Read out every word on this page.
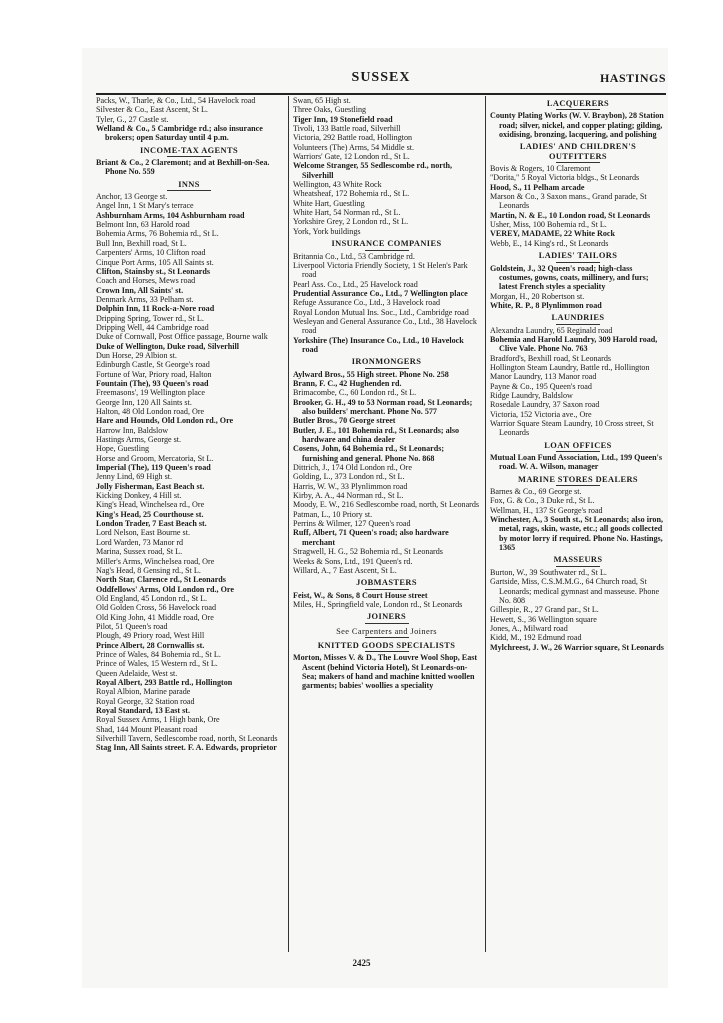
SUSSEX	HASTINGS

Packs, W., Tharle, & Co., Ltd., 54 Havelock road

Silvester & Co., East Ascent, St L.

Tyler, G., 27 Castle st.

Welland & Co., 5 Cambridge rd.; also insurance brokers; open Saturday until 4 p.m.

INCOME-TAX AGENTS

Briant & Co., 2 Claremont; and at Bexhill-on-Sea. Phone No. 559

INNS

Anchor, 13 George st.

Angel Inn, 1 St Mary's terrace

Ashburnham Arms, 104 Ashburnham road

Belmont Inn, 63 Harold road

Bohemia Arms, 76 Bohemia rd., St L.

Bull Inn, Bexhill road, St L.

Carpenters' Arms, 10 Clifton road

Cinque Port Arms, 105 All Saints st.

Clifton, Stainsby st., St Leonards

Coach and Horses, Mews road

Crown Inn, All Saints' st.

Denmark Arms, 33 Pelham st.

Dolphin Inn, 11 Rock-a-Nore road

Dripping Spring, Tower rd., St L.

Dripping Well, 44 Cambridge road

Duke of Cornwall, Post Office passage, Bourne walk

Duke of Wellington, Duke road, Silverhill

Dun Horse, 29 Albion st.

Edinburgh Castle, St George's road

Fortune of War, Priory road, Halton

Fountain (The), 93 Queen's road

Freemasons', 19 Wellington place

George Inn, 120 All Saints st.

Halton, 48 Old London road, Ore

Hare and Hounds, Old London rd., Ore

Harrow Inn, Baldslow

Hastings Arms, George st.

Hope, Guestling

Horse and Groom, Mercatoria, St L.

Imperial (The), 119 Queen's road

Jenny Lind, 69 High st.

Jolly Fisherman, East Beach st.

Kicking Donkey, 4 Hill st.

King's Head, Winchelsea rd., Ore

King's Head, 25 Courthouse st.

London Trader, 7 East Beach st.

Lord Nelson, East Bourne st.

Lord Warden, 73 Manor rd

Marina, Sussex road, St L.

Miller's Arms, Winchelsea road, Ore

Nag's Head, 8 Gensing rd., St L.

North Star, Clarence rd., St Leonards

Oddfellows' Arms, Old London rd., Ore

Old England, 45 London rd., St L.

Old Golden Cross, 56 Havelock road

Old King John, 41 Middle road, Ore

Pilot, 51 Queen's road

Plough, 49 Priory road, West Hill

Prince Albert, 28 Cornwallis st.

Prince of Wales, 84 Bohemia rd., St L.

Prince of Wales, 15 Western rd., St L.

Queen Adelaide, West st.

Royal Albert, 293 Battle rd., Hollington

Royal Albion, Marine parade

Royal George, 32 Station road

Royal Standard, 13 East st.

Royal Sussex Arms, 1 High bank, Ore

Shad, 144 Mount Pleasant road

Silverhill Tavern, Sedlescombe road, north, St Leonards

Stag Inn, All Saints street. F. A. Edwards, proprietor

Swan, 65 High st.

Three Oaks, Guestling

Tiger Inn, 19 Stonefield road

Tivoli, 133 Battle road, Silverhill

Victoria, 292 Battle road, Hollington

Volunteers (The) Arms, 54 Middle st.

Warriors' Gate, 12 London rd., St L.

Welcome Stranger, 55 Sedlescombe rd., north, Silverhill

Wellington, 43 White Rock

Wheatsheaf, 172 Bohemia rd., St L.

White Hart, Guestling

White Hart, 54 Norman rd., St L.

Yorkshire Grey, 2 London rd., St L.

York, York buildings

INSURANCE COMPANIES

Britannia Co., Ltd., 53 Cambridge rd.

Liverpool Victoria Friendly Society, 1 St Helen's Park road

Pearl Ass. Co., Ltd., 25 Havelock road

Prudential Assurance Co., Ltd., 7 Wellington place

Refuge Assurance Co., Ltd., 3 Havelock road

Royal London Mutual Ins. Soc., Ltd., Cambridge road

Wesleyan and General Assurance Co., Ltd., 38 Havelock road

Yorkshire (The) Insurance Co., Ltd., 10 Havelock road

IRONMONGERS

Aylward Bros., 55 High street. Phone No. 258

Brann, F. C., 42 Hughenden rd.

Brimacombe, C., 60 London rd., St L.

Brooker, G. H., 49 to 53 Norman road, St Leonards; also builders' merchant. Phone No. 577

Butler Bros., 70 George street

Butler, J. E., 101 Bohemia rd., St Leonards; also hardware and china dealer

Cosens, John, 64 Bohemia rd., St Leonards; furnishing and general. Phone No. 868

Dittrich, J., 174 Old London rd., Ore

Golding, L., 373 London rd., St L.

Harris, W. W., 33 Plynlimmon road

Kirby, A. A., 44 Norman rd., St L.

Moody, E. W., 216 Sedlescombe road, north, St Leonards

Patman, L., 10 Priory st.

Perrins & Wilmer, 127 Queen's road

Ruff, Albert, 71 Queen's road; also hardware merchant

Stragwell, H. G., 52 Bohemia rd., St Leonards

Weeks & Sons, Ltd., 191 Queen's rd.

Willard, A., 7 East Ascent, St L.

JOBMASTERS

Feist, W., & Sons, 8 Court House street

Miles, H., Springfield vale, London rd., St Leonards

JOINERS

See Carpenters and Joiners

KNITTED GOODS SPECIALISTS

Morton, Misses V. & D., The Louvre Wool Shop, East Ascent (behind Victoria Hotel), St Leonards-on-Sea; makers of hand and machine knitted woollen garments; babies' woollies a speciality

LACQUERERS

County Plating Works (W. V. Braybon), 28 Station road; silver, nickel, and copper plating; gilding, oxidising, bronzing, lacquering, and polishing

LADIES' AND CHILDREN'S OUTFITTERS

Bovis & Rogers, 10 Claremont

"Dorita," 5 Royal Victoria bldgs., St Leonards

Hood, S., 11 Pelham arcade

Marson & Co., 3 Saxon mans., Grand parade, St Leonards

Martin, N. & E., 10 London road, St Leonards

Usher, Miss, 100 Bohemia rd., St L.

VEREY, MADAME, 22 White Rock

Webb, E., 14 King's rd., St Leonards

LADIES' TAILORS

Goldstein, J., 32 Queen's road; high-class costumes, gowns, coats, millinery, and furs; latest French styles a speciality

Morgan, H., 20 Robertson st.

White, R. P., 8 Plynlimmon road

LAUNDRIES

Alexandra Laundry, 65 Reginald road

Bohemia and Harold Laundry, 309 Harold road, Clive Vale. Phone No. 763

Bradford's, Bexhill road, St Leonards

Hollington Steam Laundry, Battle rd., Hollington

Manor Laundry, 113 Manor road

Payne & Co., 195 Queen's road

Ridge Laundry, Baldslow

Rosedale Laundry, 37 Saxon road

Victoria, 152 Victoria ave., Ore

Warrior Square Steam Laundry, 10 Cross street, St Leonards

LOAN OFFICES

Mutual Loan Fund Association, Ltd., 199 Queen's road. W. A. Wilson, manager

MARINE STORES DEALERS

Barnes & Co., 69 George st.

Fox, G. & Co., 3 Duke rd., St L.

Wellman, H., 137 St George's road

Winchester, A., 3 South st., St Leonards; also iron, metal, rags, skin, waste, etc.; all goods collected by motor lorry if required. Phone No. Hastings, 1365

MASSEURS

Burton, W., 39 Southwater rd., St L.

Gartside, Miss, C.S.M.M.G., 64 Church road, St Leonards; medical gymnast and masseuse. Phone No. 808

Gillespie, R., 27 Grand par., St L.

Hewett, S., 36 Wellington square

Jones, A., Milward road

Kidd, M., 192 Edmund road

Mylchreest, J. W., 26 Warrior square, St Leonards

2425
